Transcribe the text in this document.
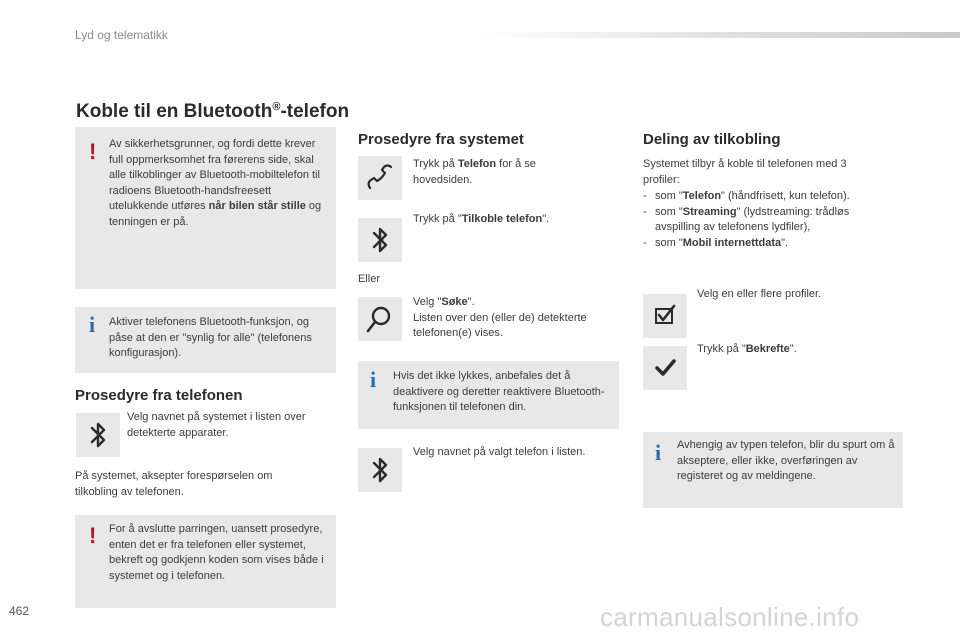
Lyd og telematikk
Koble til en Bluetooth®-telefon
! Av sikkerhetsgrunner, og fordi dette krever full oppmerksomhet fra førerens side, skal alle tilkoblinger av Bluetooth-mobiltelefon til radioens Bluetooth-handsfreesett utelukkende utføres når bilen står stille og tenningen er på.
i Aktiver telefonens Bluetooth-funksjon, og påse at den er "synlig for alle" (telefonens konfigurasjon).
Prosedyre fra telefonen
Velg navnet på systemet i listen over detekterte apparater.
På systemet, aksepter forespørselen om tilkobling av telefonen.
! For å avslutte parringen, uansett prosedyre, enten det er fra telefonen eller systemet, bekreft og godkjenn koden som vises både i systemet og i telefonen.
Prosedyre fra systemet
Trykk på Telefon for å se hovedsiden.
Trykk på "Tilkoble telefon".
Eller
Velg "Søke".
Listen over den (eller de) detekterte telefonen(e) vises.
i Hvis det ikke lykkes, anbefales det å deaktivere og deretter reaktivere Bluetooth-funksjonen til telefonen din.
Velg navnet på valgt telefon i listen.
Deling av tilkobling
Systemet tilbyr å koble til telefonen med 3 profiler:
- som "Telefon" (håndfrisett, kun telefon).
- som "Streaming" (lydstreaming: trådløs avspilling av telefonens lydfiler),
- som "Mobil internettdata".
Velg en eller flere profiler.
Trykk på "Bekrefte".
i Avhengig av typen telefon, blir du spurt om å akseptere, eller ikke, overføringen av registeret og av meldingene.
462	carmanualsonline.info
